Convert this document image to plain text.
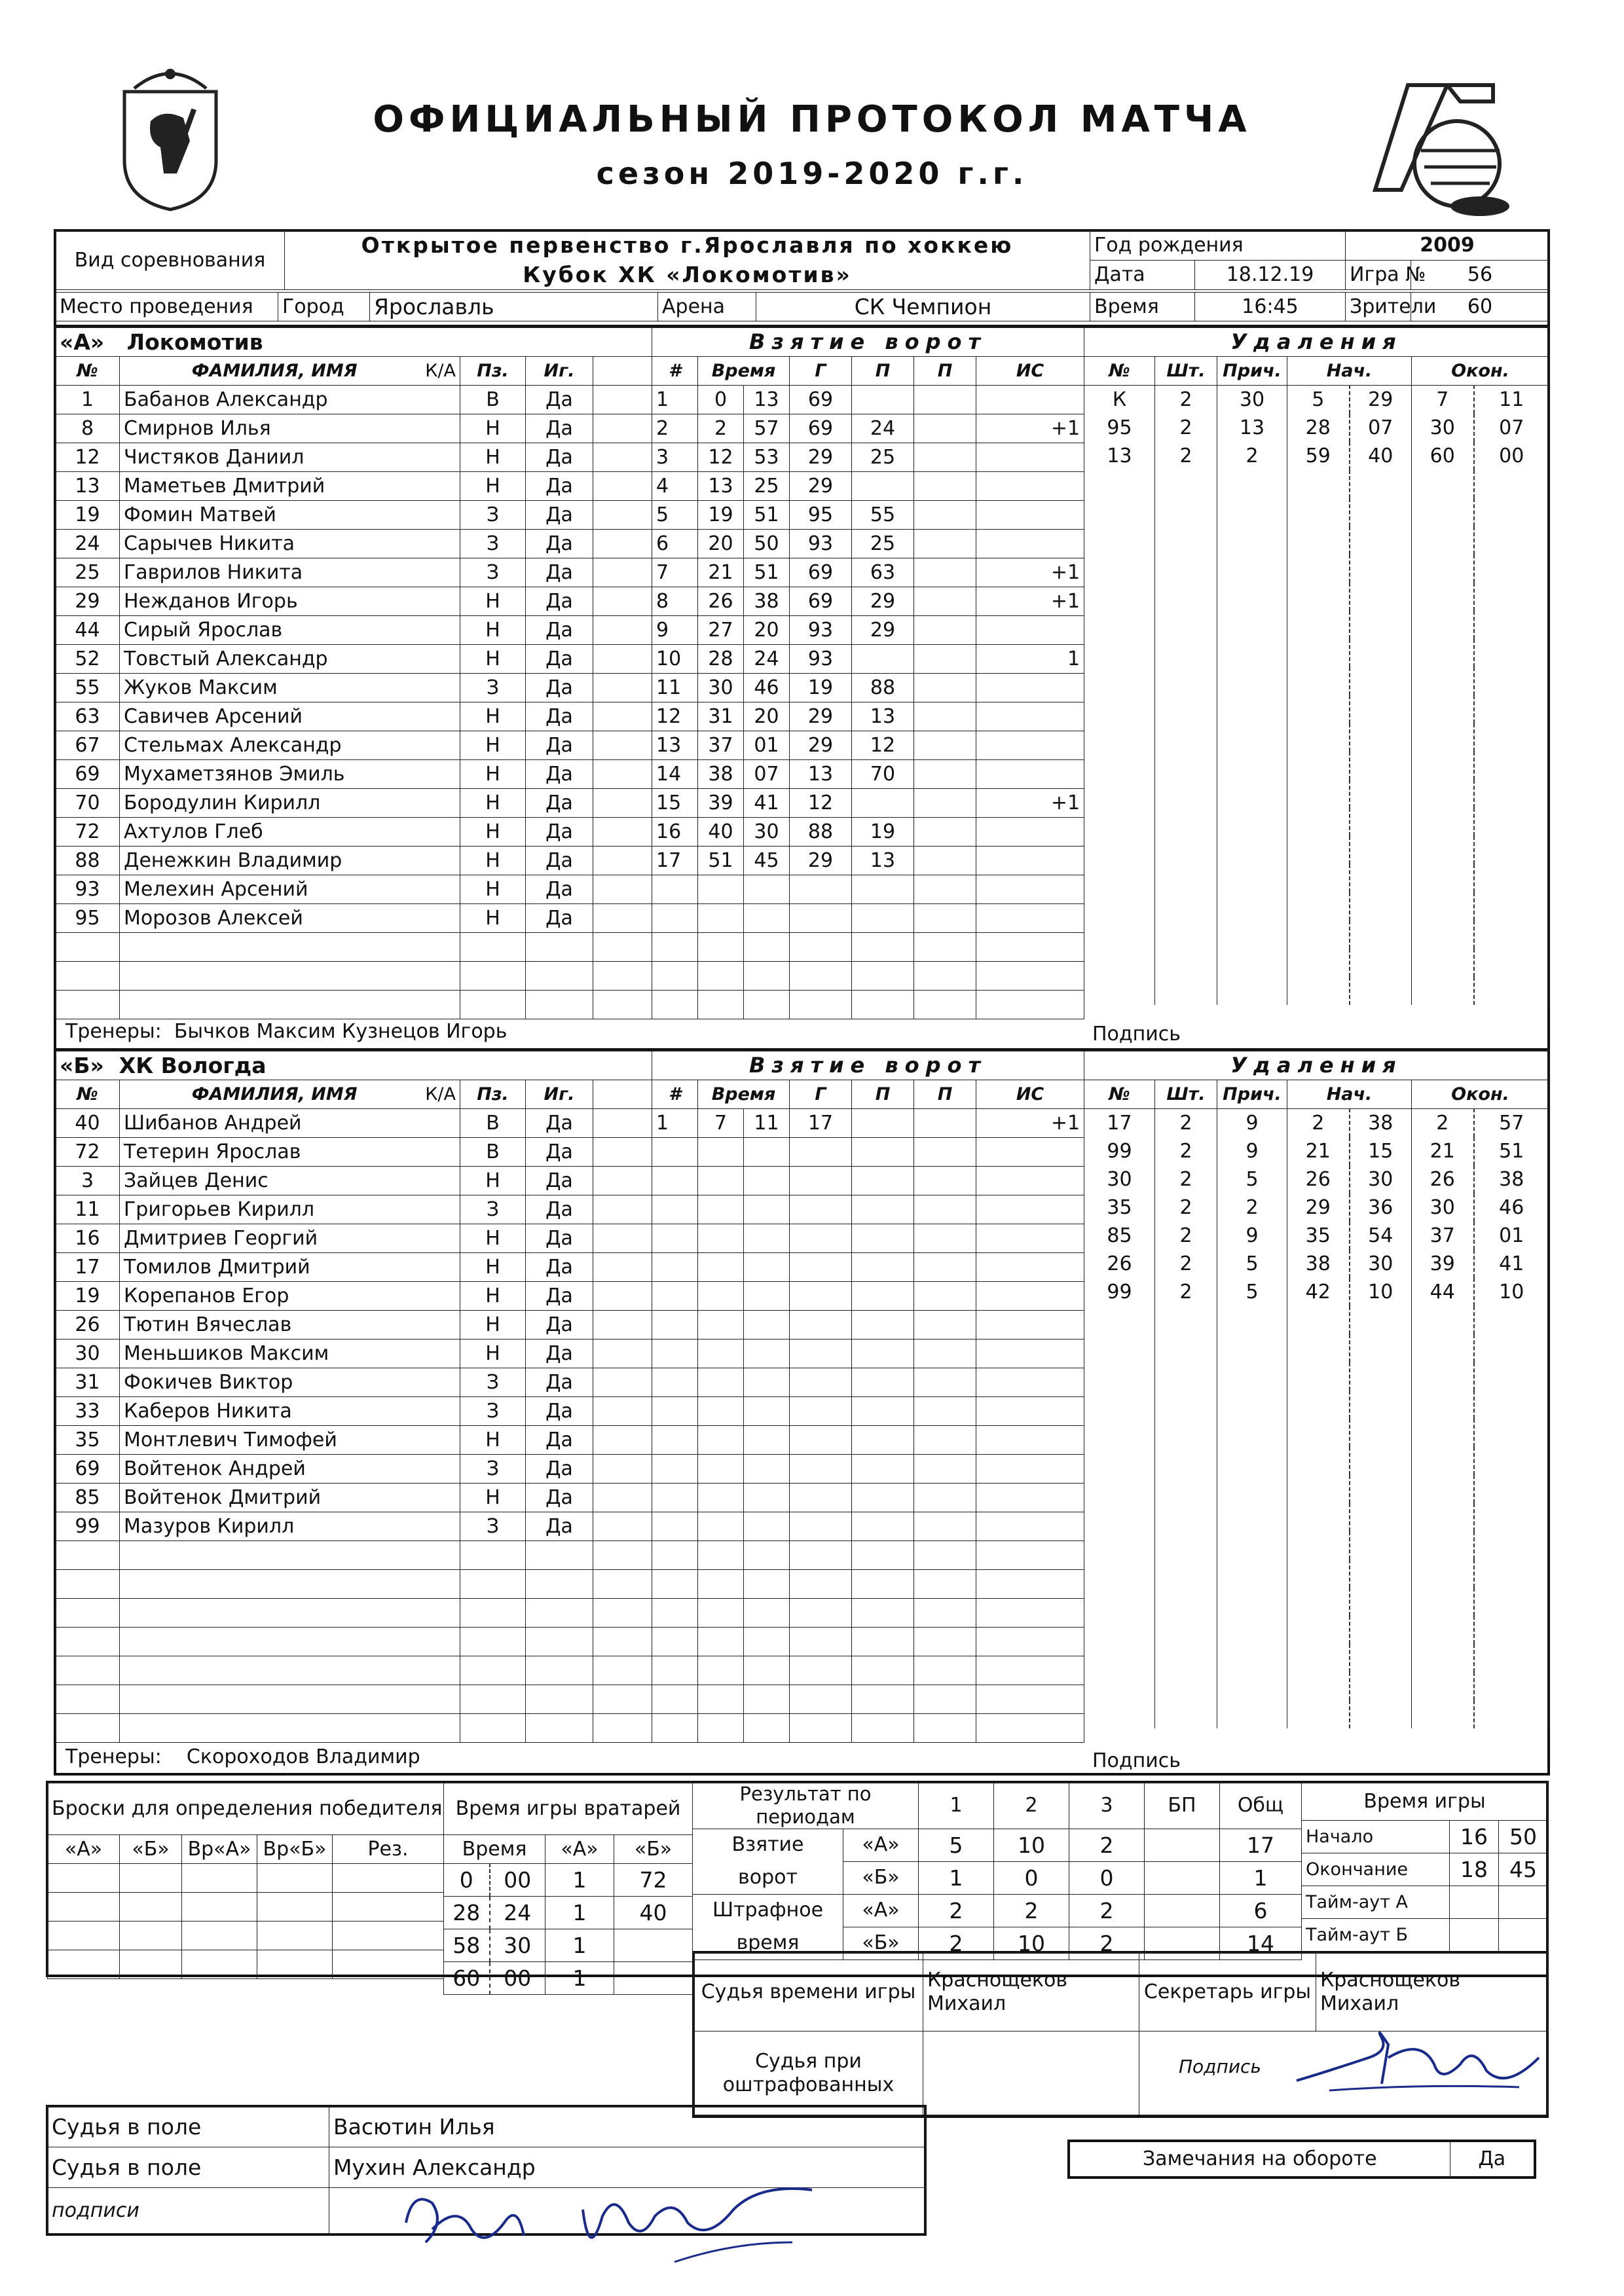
ОФИЦИАЛЬНЫЙ ПРОТОКОЛ МАТЧА
сезон 2019-2020 г.г.
Вид соревнования	Открытое первенство г.Ярославля по хоккею
Кубок ХК «Локомотив»	Год рождения		2009	
		Дата	18.12.19	Игра №	56
Место проведения	Город	Ярославль	Арена	СК Чемпион	Время	16:45	Зрители	60
«А» Локомотив				
№	ФАМИЛИЯ, ИМЯ К/А	Пз.	Иг.	
1	Бабанов Александр		В	Да	
8	Смирнов Илья		Н	Да	
12	Чистяков Даниил		Н	Да	
13	Маметьев Дмитрий		Н	Да	
19	Фомин Матвей		З	Да	
24	Сарычев Никита		З	Да	
25	Гаврилов Никита		З	Да	
29	Нежданов Игорь		Н	Да	
44	Сирый Ярослав		Н	Да	
52	Товстый Александр		Н	Да	
55	Жуков Максим		З	Да	
63	Савичев Арсений		Н	Да	
67	Стельмах Александр		Н	Да	
69	Мухаметзянов Эмиль		Н	Да	
70	Бородулин Кирилл		Н	Да	
72	Ахтулов Глеб		Н	Да	
88	Денежкин Владимир		Н	Да	
93	Мелехин Арсений		Н	Да	
95	Морозов Алексей		Н	Да	

Взятие ворот						
#	Время		Г	П	П	ИС
1	0	13	69			
2	2	57	69	24		+1
3	12	53	29	25		
4	13	25	29			
5	19	51	95	55		
6	20	50	93	25		
7	21	51	69	63		+1
8	26	38	69	29		+1
9	27	20	93	29		
10	28	24	93			1
11	30	46	19	88		
12	31	20	29	13		
13	37	01	29	12		
14	38	07	13	70		
15	39	41	12			+1
16	40	30	88	19		
17	51	45	29	13		

Удаления						
№	Шт.	Прич.	Нач.		Окон.	
К	2	30	5	29	7	11
95	2	13	28	07	30	07
13	2	2	59	40	60	00

Тренеры: Бычков Максим Кузнецов Игорь	Подпись
«Б» ХК Вологда				
№	ФАМИЛИЯ, ИМЯ К/А	Пз.	Иг.	
40	Шибанов Андрей		В	Да	
72	Тетерин Ярослав		В	Да	
3	Зайцев Денис		Н	Да	
11	Григорьев Кирилл		З	Да	
16	Дмитриев Георгий		Н	Да	
17	Томилов Дмитрий		Н	Да	
19	Корепанов Егор		Н	Да	
26	Тютин Вячеслав		Н	Да	
30	Меньшиков Максим		Н	Да	
31	Фокичев Виктор		З	Да	
33	Каберов Никита		З	Да	
35	Монтлевич Тимофей		Н	Да	
69	Войтенок Андрей		З	Да	
85	Войтенок Дмитрий		Н	Да	
99	Мазуров Кирилл		З	Да	

Взятие ворот						
#	Время		Г	П	П	ИС
1	7	11	17			+1

Удаления						
№	Шт.	Прич.	Нач.		Окон.	
17	2	9	2	38	2	57
99	2	9	21	15	21	51
30	2	5	26	30	26	38
35	2	2	29	36	30	46
85	2	9	35	54	37	01
26	2	5	38	30	39	41
99	2	5	42	10	44	10

Тренеры: Скороходов Владимир	Подпись
Броски для определения победителя				
«А»	«Б»	Вр«А»	Вр«Б»	Рез.

Время игры вратарей			
Время		«А»	«Б»
0	00	1	72
28	24	1	40
58	30	1	
60	00	1	
Результат по периодам		1	2	3	БП	Общ
Взятие	«А»	5	10	2		17
ворот	«Б»	1	0	0		1
Штрафное	«А»	2	2	2		6
время	«Б»	2	10	2		14
Время игры		
Начало	16	50
Окончание	18	45
Тайм-аут А		
Тайм-аут Б		
Судья времени игры	Краснощеков Михаил	Секретарь игры	Краснощеков Михаил
Судья при оштрафованных		Подпись	
Судья в поле	Васютин Илья
Судья в поле	Мухин Александр
подписи	
Замечания на обороте	Да
